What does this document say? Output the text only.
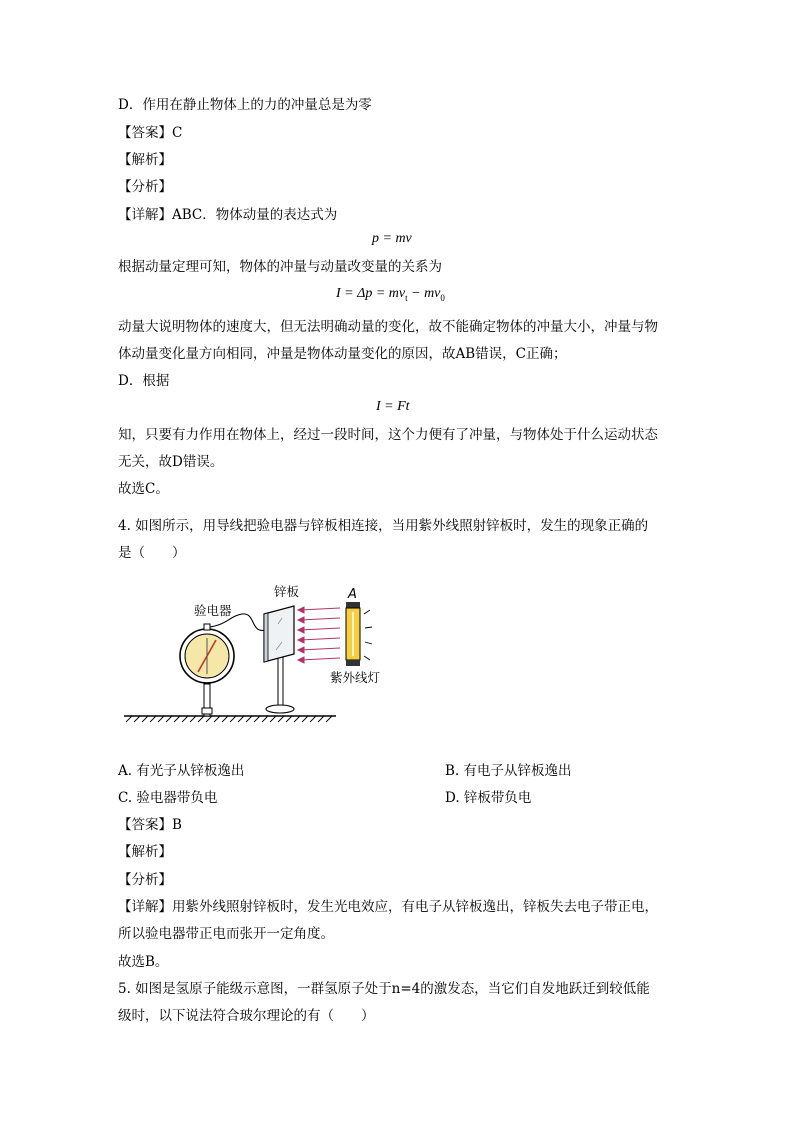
D．作用在静止物体上的力的冲量总是为零
【答案】C
【解析】
【分析】
【详解】ABC．物体动量的表达式为
p = mv
根据动量定理可知，物体的冲量与动量改变量的关系为
$I = \Delta p = mv_t - mv_0$
动量大说明物体的速度大，但无法明确动量的变化，故不能确定物体的冲量大小，冲量与物
体动量变化量方向相同，冲量是物体动量变化的原因，故AB错误，C正确；
D．根据
I = Ft
知，只要有力作用在物体上，经过一段时间，这个力便有了冲量，与物体处于什么运动状态
无关，故D错误。
故选C。
4. 如图所示，用导线把验电器与锌板相连接，当用紫外线照射锌板时，发生的现象正确的
是（　　）
验电器
锌板	A
紫外线灯
A. 有光子从锌板逸出	B. 有电子从锌板逸出
C. 验电器带负电	D. 锌板带负电
【答案】B
【解析】
【分析】
【详解】用紫外线照射锌板时，发生光电效应，有电子从锌板逸出，锌板失去电子带正电，
所以验电器带正电而张开一定角度。
故选B。
5. 如图是氢原子能级示意图，一群氢原子处于n=4的激发态，当它们自发地跃迁到较低能
级时，以下说法符合玻尔理论的有（　　）
